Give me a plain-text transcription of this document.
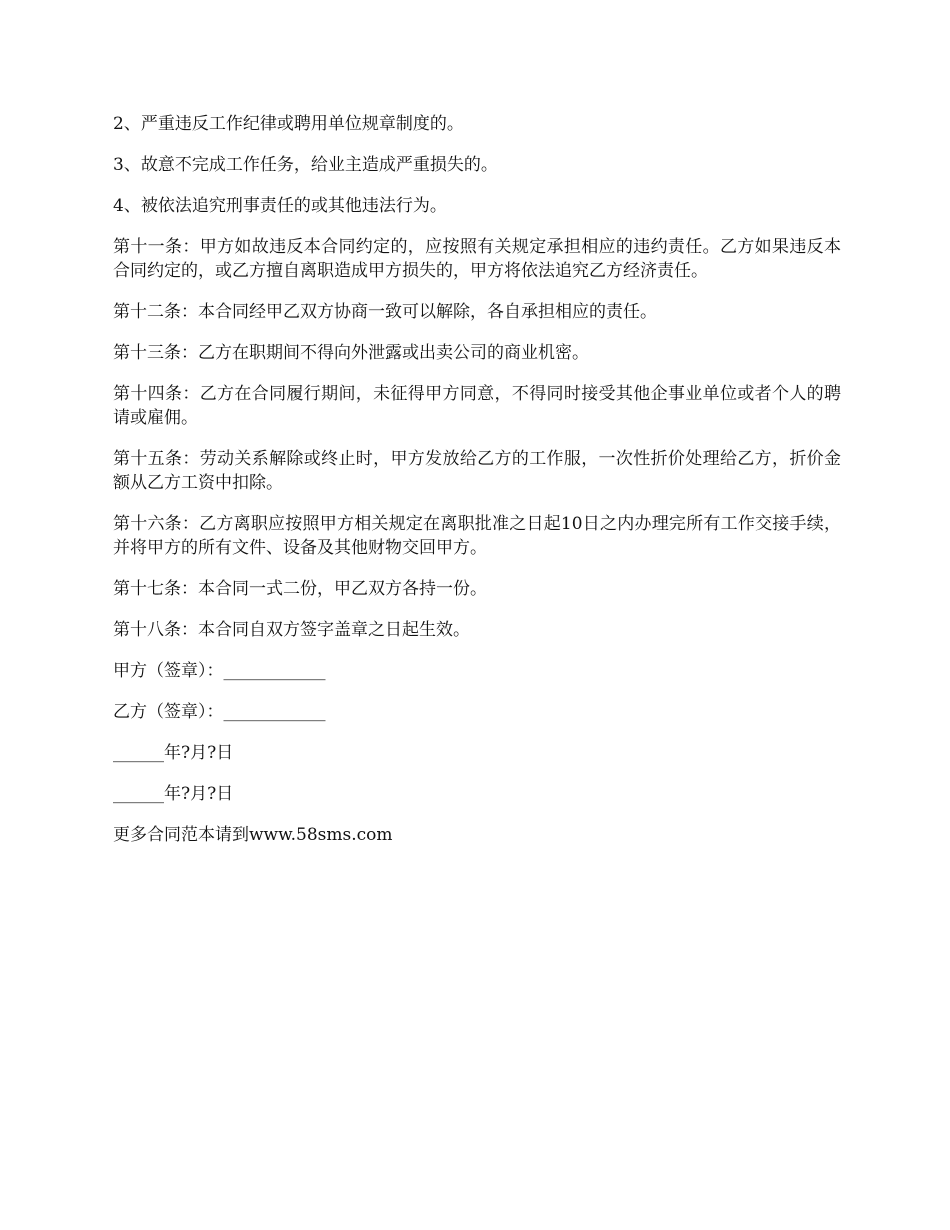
2、严重违反工作纪律或聘用单位规章制度的。

3、故意不完成工作任务，给业主造成严重损失的。

4、被依法追究刑事责任的或其他违法行为。

第十一条：甲方如故违反本合同约定的，应按照有关规定承担相应的违约责任。乙方如果违反本合同约定的，或乙方擅自离职造成甲方损失的，甲方将依法追究乙方经济责任。

第十二条：本合同经甲乙双方协商一致可以解除，各自承担相应的责任。

第十三条：乙方在职期间不得向外泄露或出卖公司的商业机密。

第十四条：乙方在合同履行期间，未征得甲方同意，不得同时接受其他企事业单位或者个人的聘请或雇佣。

第十五条：劳动关系解除或终止时，甲方发放给乙方的工作服，一次性折价处理给乙方，折价金额从乙方工资中扣除。

第十六条：乙方离职应按照甲方相关规定在离职批准之日起10日之内办理完所有工作交接手续，并将甲方的所有文件、设备及其他财物交回甲方。

第十七条：本合同一式二份，甲乙双方各持一份。

第十八条：本合同自双方签字盖章之日起生效。

甲方（签章）：____________

乙方（签章）：____________

______年?月?日

______年?月?日

更多合同范本请到www.58sms.com
